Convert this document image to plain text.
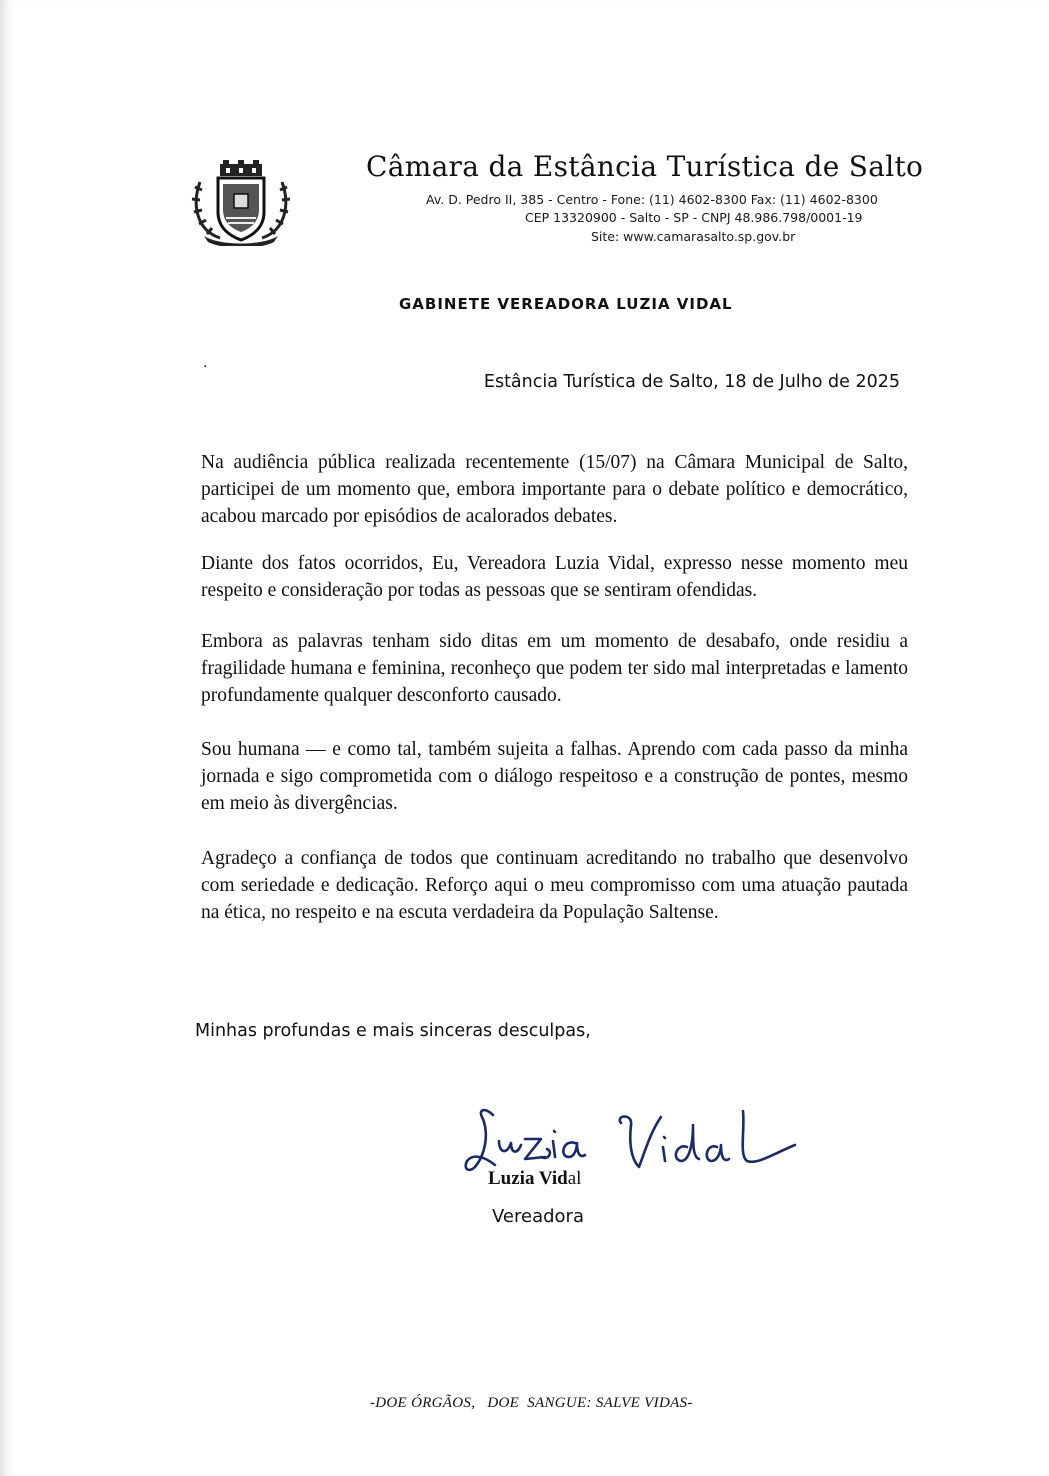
Câmara da Estância Turística de Salto
Av. D. Pedro II, 385 - Centro - Fone: (11) 4602-8300 Fax: (11) 4602-8300
CEP 13320900 - Salto - SP - CNPJ 48.986.798/0001-19
Site: www.camarasalto.sp.gov.br
GABINETE VEREADORA LUZIA VIDAL
.
Estância Turística de Salto, 18 de Julho de 2025

Na audiência pública realizada recentemente (15/07) na Câmara Municipal de Salto, participei de um momento que, embora importante para o debate político e democrático, acabou marcado por episódios de acalorados debates.

Diante dos fatos ocorridos, Eu, Vereadora Luzia Vidal, expresso nesse momento meu respeito e consideração por todas as pessoas que se sentiram ofendidas.

Embora as palavras tenham sido ditas em um momento de desabafo, onde residiu a fragilidade humana e feminina, reconheço que podem ter sido mal interpretadas e lamento profundamente qualquer desconforto causado.

Sou humana — e como tal, também sujeita a falhas. Aprendo com cada passo da minha jornada e sigo comprometida com o diálogo respeitoso e a construção de pontes, mesmo em meio às divergências.

Agradeço a confiança de todos que continuam acreditando no trabalho que desenvolvo com seriedade e dedicação. Reforço aqui o meu compromisso com uma atuação pautada na ética, no respeito e na escuta verdadeira da População Saltense.

Minhas profundas e mais sinceras desculpas,
Luzia Vidal
Vereadora
-DOE ÓRGÃOS,   DOE  SANGUE: SALVE VIDAS-
